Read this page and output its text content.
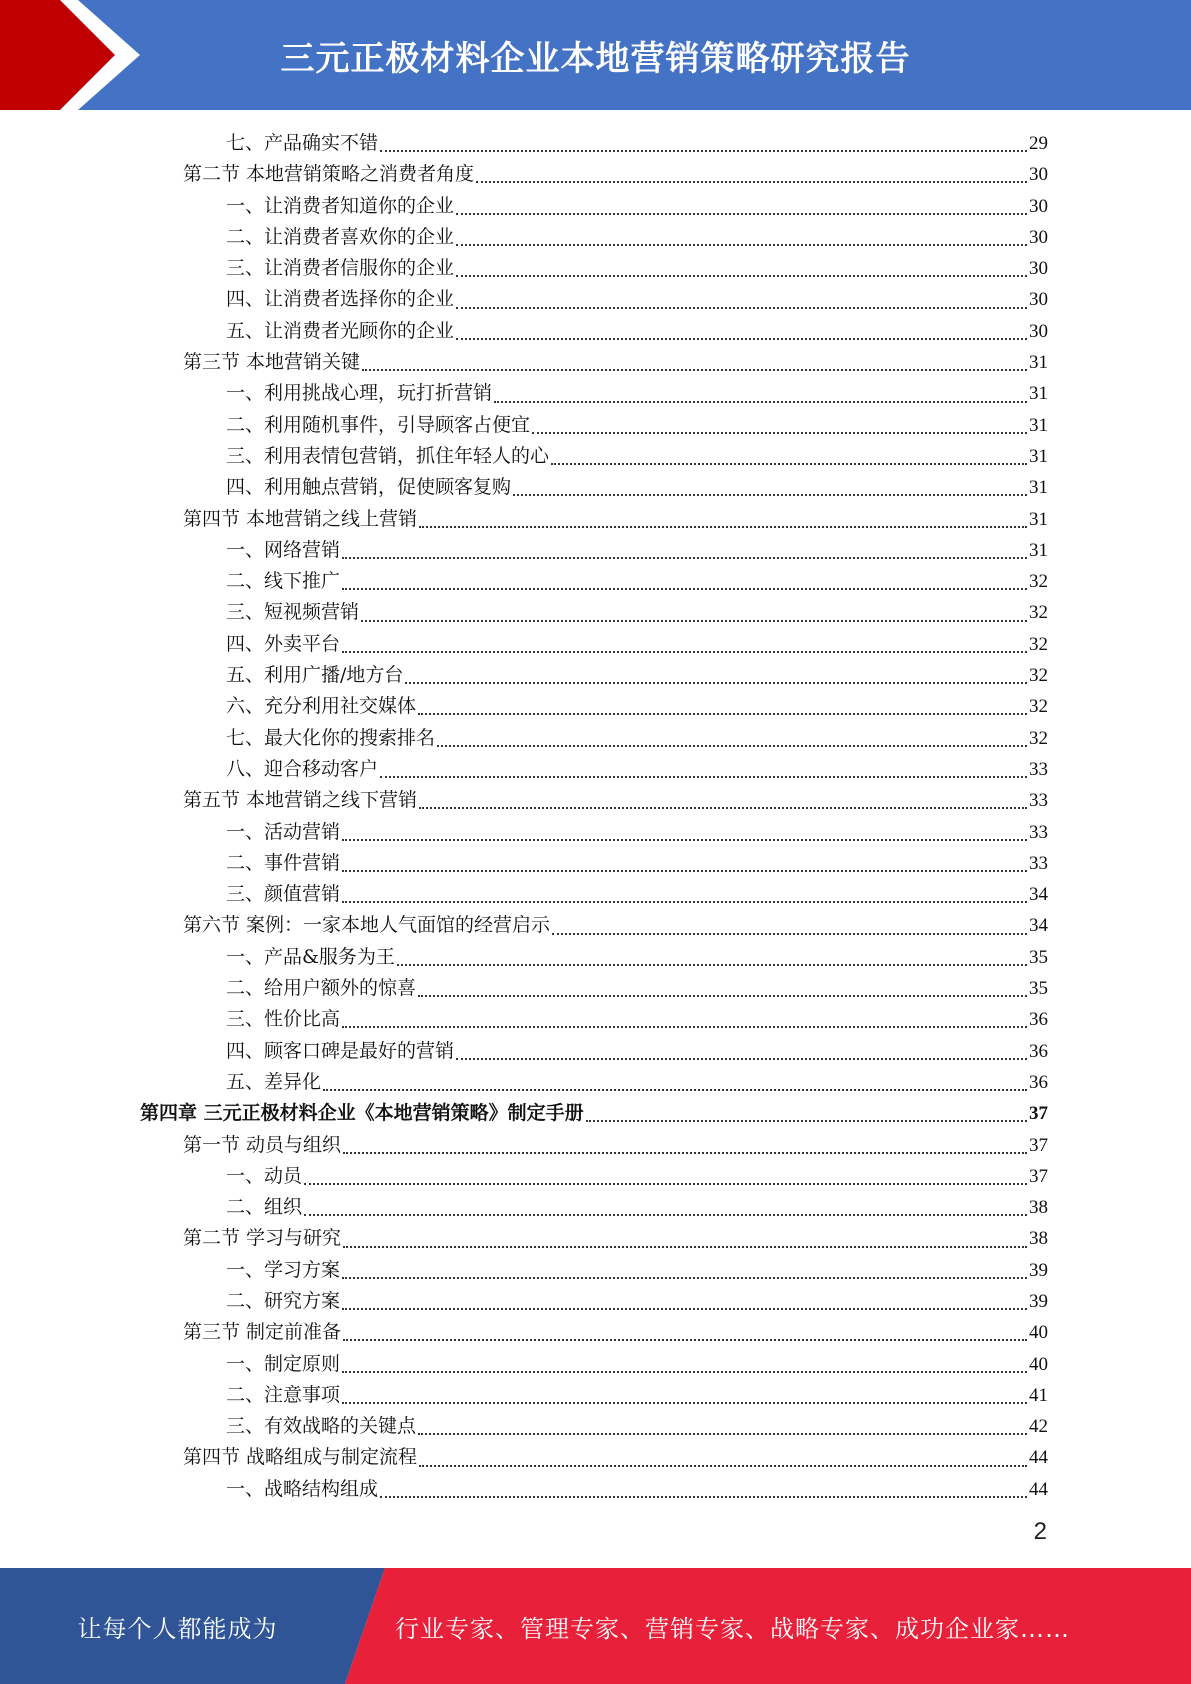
三元正极材料企业本地营销策略研究报告
七、产品确实不错	29
第二节 本地营销策略之消费者角度	30
一、让消费者知道你的企业	30
二、让消费者喜欢你的企业	30
三、让消费者信服你的企业	30
四、让消费者选择你的企业	30
五、让消费者光顾你的企业	30
第三节 本地营销关键	31
一、利用挑战心理，玩打折营销	31
二、利用随机事件，引导顾客占便宜	31
三、利用表情包营销，抓住年轻人的心	31
四、利用触点营销，促使顾客复购	31
第四节 本地营销之线上营销	31
一、网络营销	31
二、线下推广	32
三、短视频营销	32
四、外卖平台	32
五、利用广播/地方台	32
六、充分利用社交媒体	32
七、最大化你的搜索排名	32
八、迎合移动客户	33
第五节 本地营销之线下营销	33
一、活动营销	33
二、事件营销	33
三、颜值营销	34
第六节 案例：一家本地人气面馆的经营启示	34
一、产品&服务为王	35
二、给用户额外的惊喜	35
三、性价比高	36
四、顾客口碑是最好的营销	36
五、差异化	36
第四章 三元正极材料企业《本地营销策略》制定手册	37
第一节 动员与组织	37
一、动员	37
二、组织	38
第二节 学习与研究	38
一、学习方案	39
二、研究方案	39
第三节 制定前准备	40
一、制定原则	40
二、注意事项	41
三、有效战略的关键点	42
第四节 战略组成与制定流程	44
一、战略结构组成	44
2
让每个人都能成为	行业专家、管理专家、营销专家、战略专家、成功企业家……
